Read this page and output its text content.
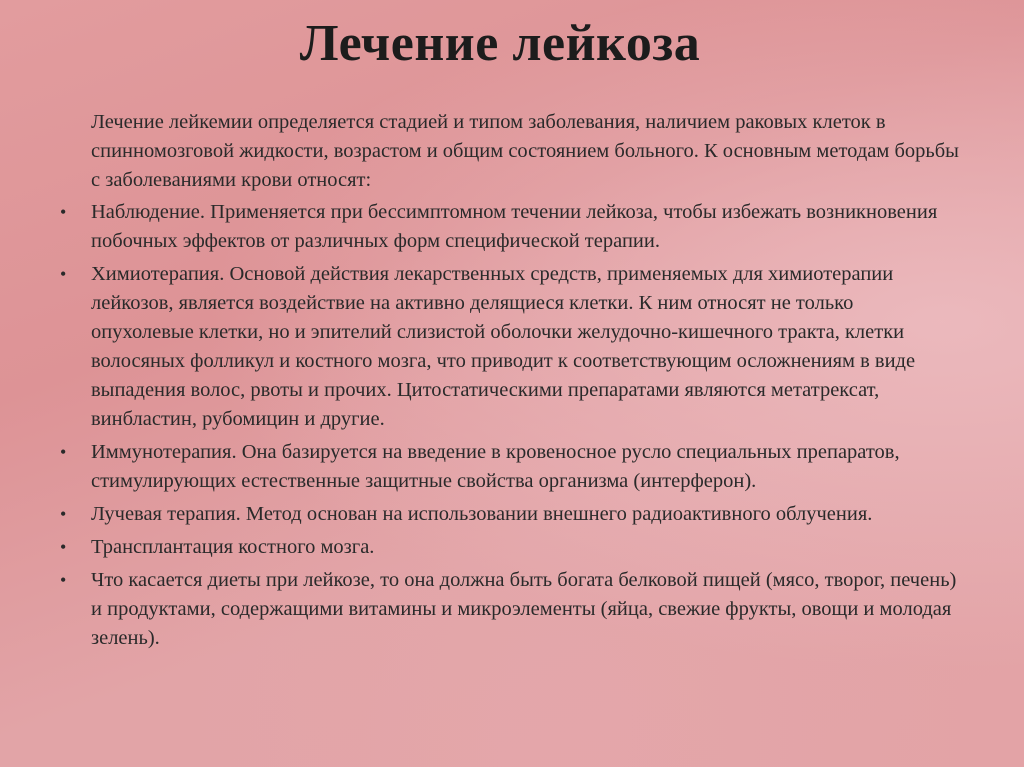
Лечение лейкоза

Лечение лейкемии определяется стадией и типом заболевания, наличием раковых клеток в спинномозговой жидкости, возрастом и общим состоянием больного. К основным методам борьбы с заболеваниями крови относят:

• Наблюдение. Применяется при бессимптомном течении лейкоза, чтобы избежать возникновения побочных эффектов от различных форм специфической терапии.
• Химиотерапия. Основой действия лекарственных средств, применяемых для химиотерапии лейкозов, является воздействие на активно делящиеся клетки. К ним относят не только опухолевые клетки, но и эпителий слизистой оболочки желудочно-кишечного тракта, клетки волосяных фолликул и костного мозга, что приводит к соответствующим осложнениям в виде выпадения волос, рвоты и прочих. Цитостатическими препаратами являются метатрексат, винбластин, рубомицин и другие.
• Иммунотерапия. Она базируется на введение в кровеносное русло специальных препаратов, стимулирующих естественные защитные свойства организма (интерферон).
• Лучевая терапия. Метод основан на использовании внешнего радиоактивного облучения.
• Трансплантация костного мозга.
• Что касается диеты при лейкозе, то она должна быть богата белковой пищей (мясо, творог, печень) и продуктами, содержащими витамины и микроэлементы (яйца, свежие фрукты, овощи и молодая зелень).
